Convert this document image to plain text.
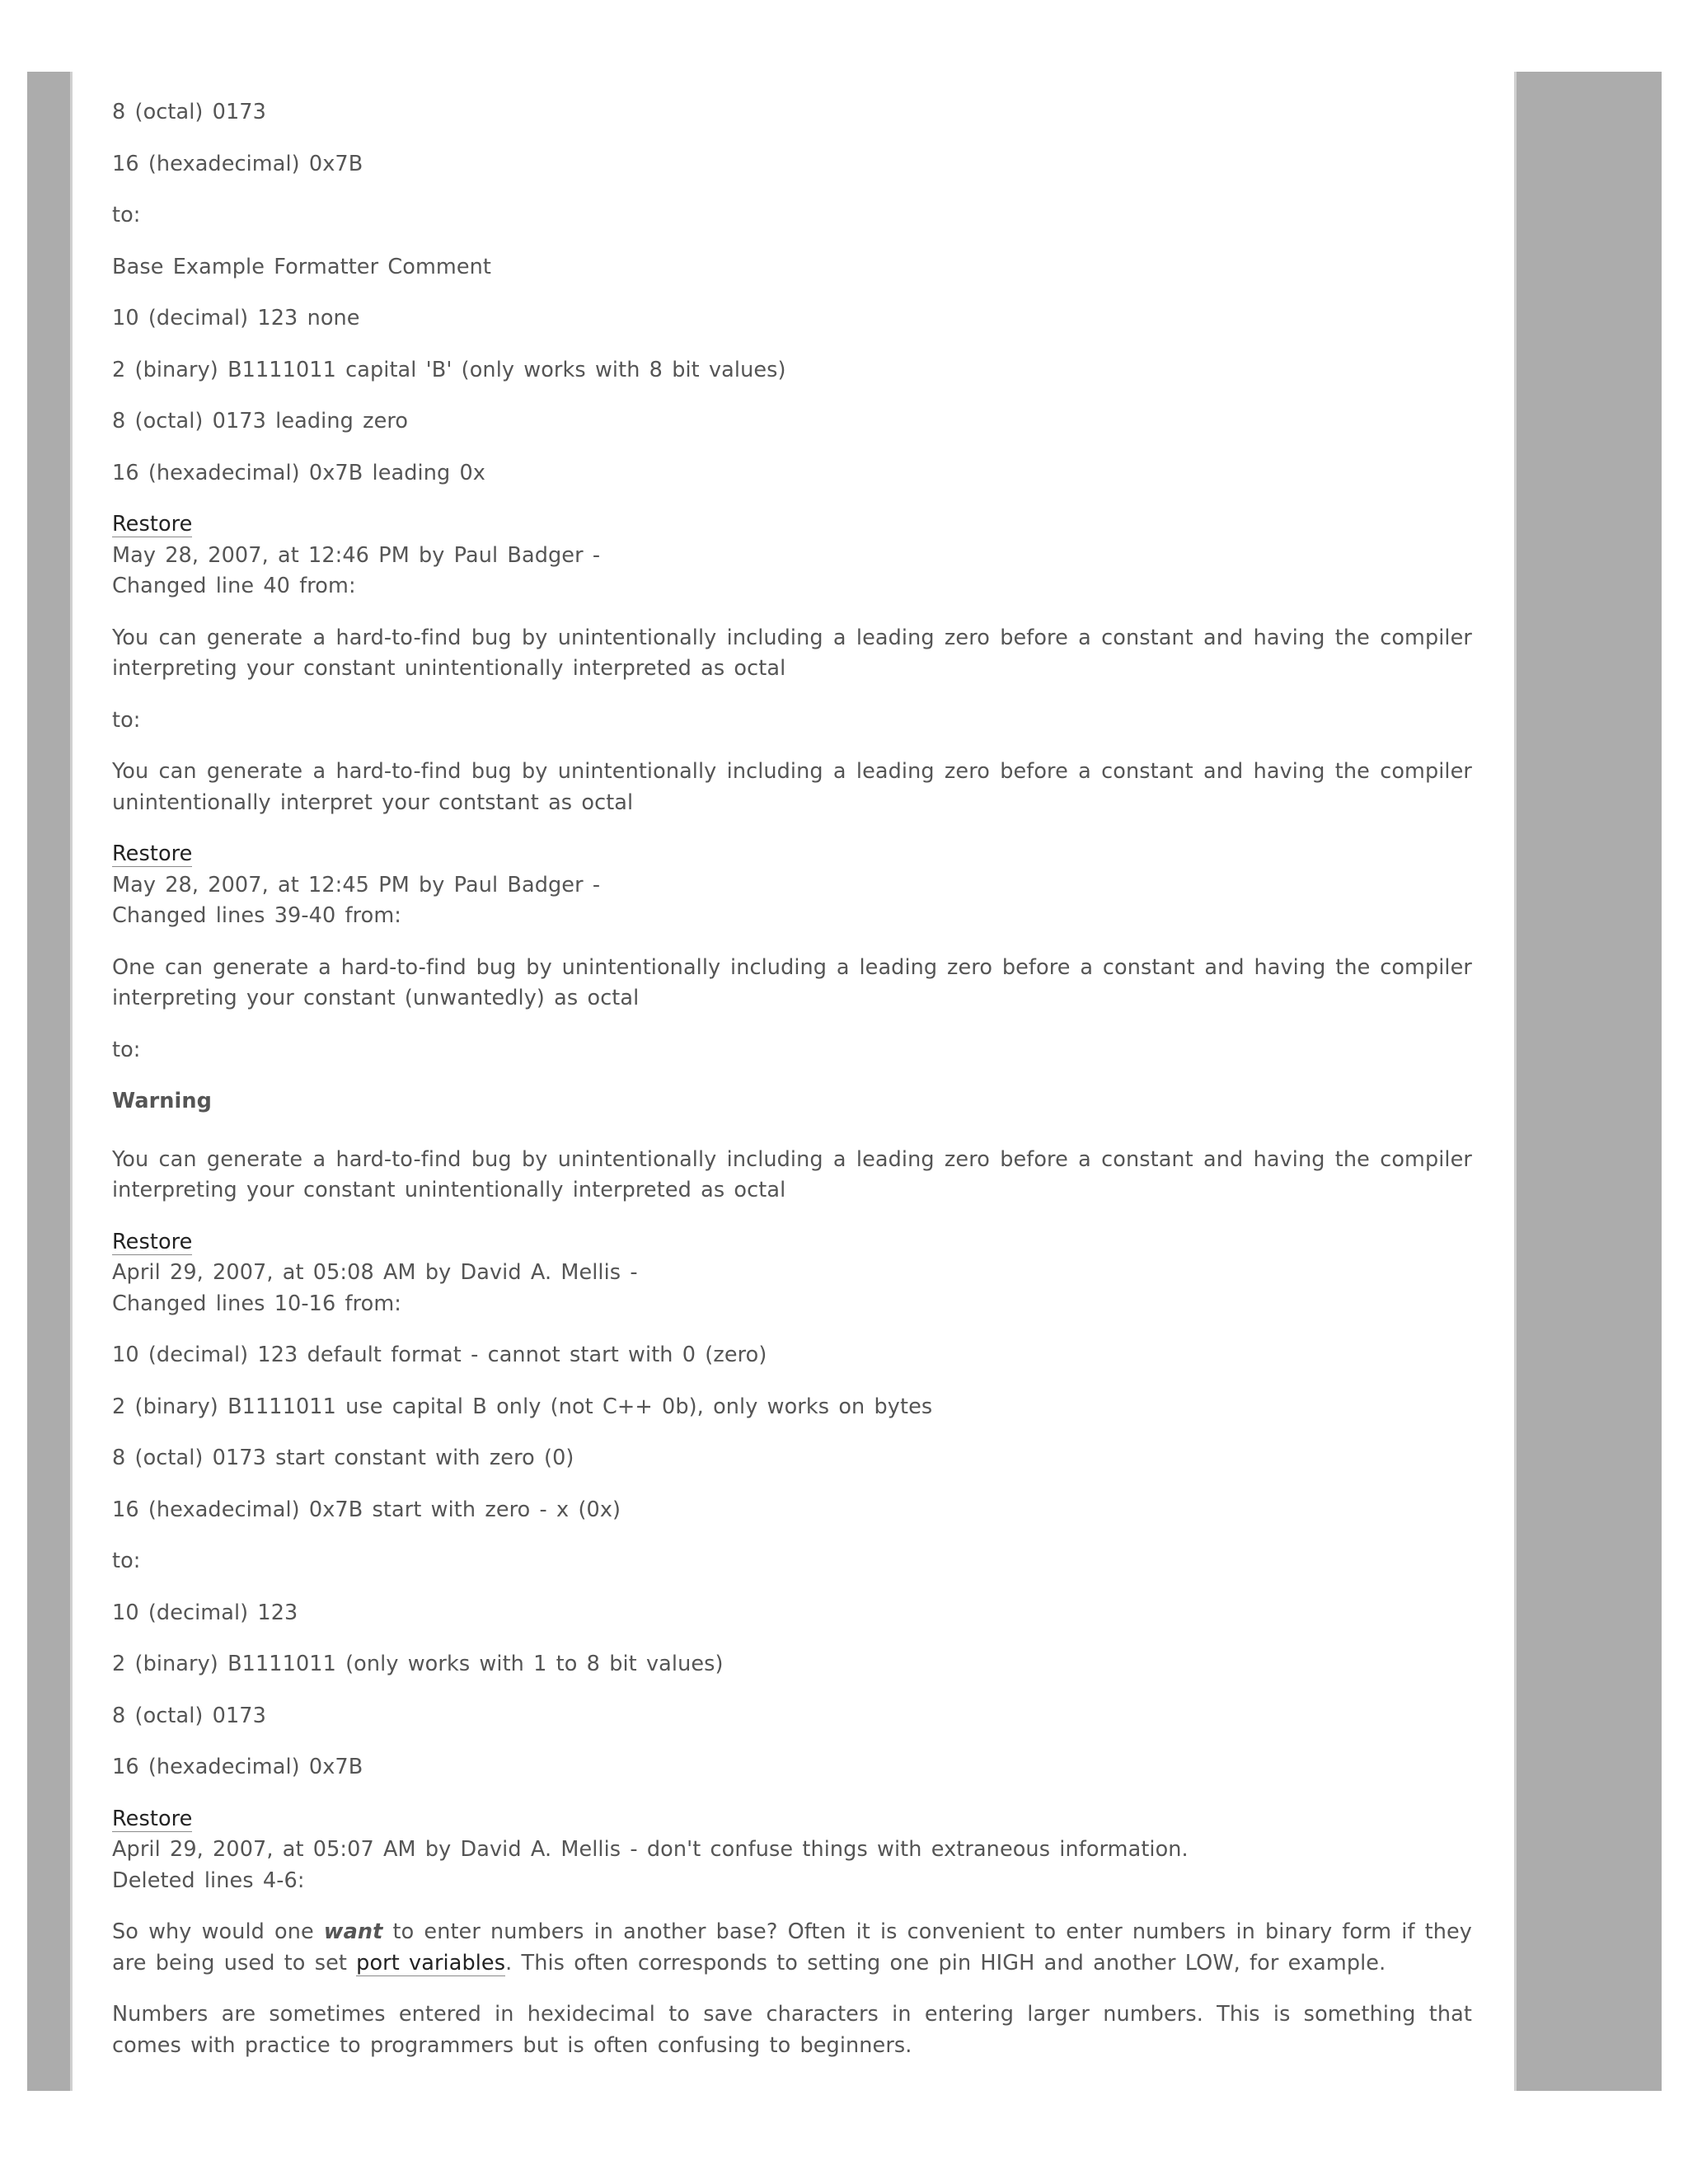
8 (octal) 0173
16 (hexadecimal) 0x7B
to:
Base Example Formatter Comment
10 (decimal) 123 none
2 (binary) B1111011 capital 'B' (only works with 8 bit values)
8 (octal) 0173 leading zero
16 (hexadecimal) 0x7B leading 0x
Restore
May 28, 2007, at 12:46 PM by Paul Badger -
Changed line 40 from:
You can generate a hard-to-find bug by unintentionally including a leading zero before a constant and having the compiler interpreting your constant unintentionally interpreted as octal
to:
You can generate a hard-to-find bug by unintentionally including a leading zero before a constant and having the compiler unintentionally interpret your contstant as octal
Restore
May 28, 2007, at 12:45 PM by Paul Badger -
Changed lines 39-40 from:
One can generate a hard-to-find bug by unintentionally including a leading zero before a constant and having the compiler interpreting your constant (unwantedly) as octal
to:
Warning
You can generate a hard-to-find bug by unintentionally including a leading zero before a constant and having the compiler interpreting your constant unintentionally interpreted as octal
Restore
April 29, 2007, at 05:08 AM by David A. Mellis -
Changed lines 10-16 from:
10 (decimal) 123 default format - cannot start with 0 (zero)
2 (binary) B1111011 use capital B only (not C++ 0b), only works on bytes
8 (octal) 0173 start constant with zero (0)
16 (hexadecimal) 0x7B start with zero - x (0x)
to:
10 (decimal) 123
2 (binary) B1111011 (only works with 1 to 8 bit values)
8 (octal) 0173
16 (hexadecimal) 0x7B
Restore
April 29, 2007, at 05:07 AM by David A. Mellis - don't confuse things with extraneous information.
Deleted lines 4-6:
So why would one want to enter numbers in another base? Often it is convenient to enter numbers in binary form if they are being used to set port variables. This often corresponds to setting one pin HIGH and another LOW, for example.
Numbers are sometimes entered in hexidecimal to save characters in entering larger numbers. This is something that comes with practice to programmers but is often confusing to beginners.
